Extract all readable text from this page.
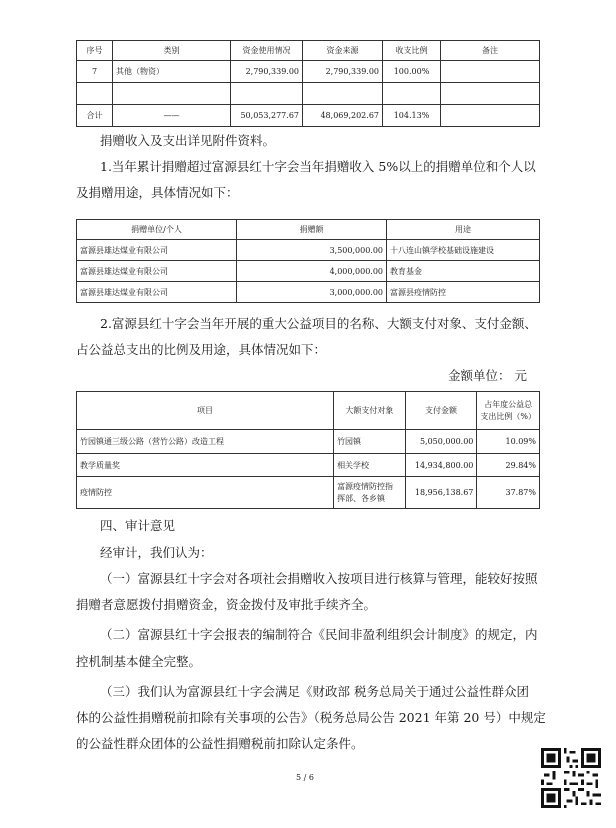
序号	类别	资金使用情况	资金来源	收支比例	备注
7	其他（物资）	2,790,339.00	2,790,339.00	100.00%	

合计	——	50,053,277.67	48,069,202.67	104.13%	
捐赠收入及支出详见附件资料。
1.当年累计捐赠超过富源县红十字会当年捐赠收入 5%以上的捐赠单位和个人以
及捐赠用途，具体情况如下：
捐赠单位/个人	捐赠额	用途
富源县雄达煤业有限公司	3,500,000.00	十八连山镇学校基础设施建设
富源县雄达煤业有限公司	4,000,000.00	教育基金
富源县雄达煤业有限公司	3,000,000.00	富源县疫情防控
2.富源县红十字会当年开展的重大公益项目的名称、大额支付对象、支付金额、
占公益总支出的比例及用途，具体情况如下：
金额单位： 元
项目	大额支付对象	支付金额	占年度公益总
支出比例（%）
竹园镇通三级公路（营竹公路）改造工程	竹园镇	5,050,000.00	10.09%
教学质量奖	相关学校	14,934,800.00	29.84%
疫情防控	富源疫情防控指
挥部、各乡镇	18,956,138.67	37.87%
四、审计意见
经审计，我们认为：
（一）富源县红十字会对各项社会捐赠收入按项目进行核算与管理，能较好按照
捐赠者意愿拨付捐赠资金，资金拨付及审批手续齐全。
（二）富源县红十字会报表的编制符合《民间非盈利组织会计制度》的规定，内
控机制基本健全完整。
（三）我们认为富源县红十字会满足《财政部 税务总局关于通过公益性群众团
体的公益性捐赠税前扣除有关事项的公告》（税务总局公告 2021 年第 20 号）中规定
的公益性群众团体的公益性捐赠税前扣除认定条件。
5 / 6
